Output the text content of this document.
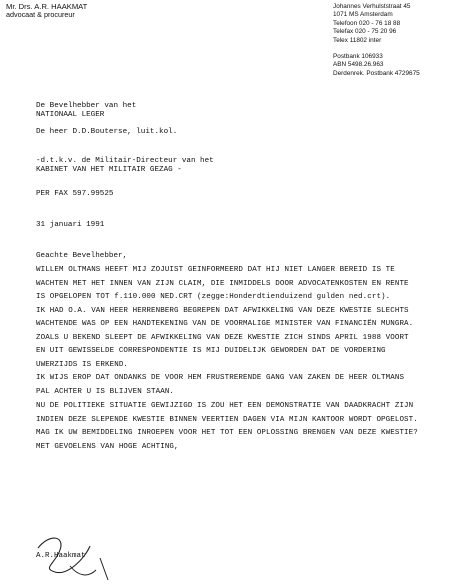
Mr. Drs. A.R. HAAKMAT
advocaat & procureur
Johannes Verhulststraat 45
1071 MS Amsterdam
Telefoon 020 - 76 18 88
Telefax 020 - 75 20 96
Telex 11802 inter
Postbank 106933
ABN 5498.26.963
Derdenrek. Postbank 4729675
De Bevelhebber van het
NATIONAAL LEGER
De heer D.D.Bouterse, luit.kol.
-d.t.k.v. de Militair-Directeur van het
KABINET VAN HET MILITAIR GEZAG -
PER FAX 597.99525
31 januari 1991
Geachte Bevelhebber,
WILLEM OLTMANS HEEFT MIJ ZOJUIST GEINFORMEERD DAT HIJ NIET LANGER BEREID IS TE
WACHTEN MET HET INNEN VAN ZIJN CLAIM, DIE INMIDDELS DOOR ADVOCATENKOSTEN EN RENTE
IS OPGELOPEN TOT f.110.000 NED.CRT (zegge:Honderdtienduizend gulden ned.crt).
IK HAD O.A. VAN HEER HERRENBERG BEGREPEN DAT AFWIKKELING VAN DEZE KWESTIE SLECHTS
WACHTENDE WAS OP EEN HANDTEKENING VAN DE VOORMALIGE MINISTER VAN FINANCIËN MUNGRA.
ZOALS U BEKEND SLEEPT DE AFWIKKELING VAN DEZE KWESTIE ZICH SINDS APRIL 1988 VOORT
EN UIT GEWISSELDE CORRESPONDENTIE IS MIJ DUIDELIJK GEWORDEN DAT DE VORDERING
UWERZIJDS IS ERKEND.
IK WIJS EROP DAT ONDANKS DE VOOR HEM FRUSTRERENDE GANG VAN ZAKEN DE HEER OLTMANS
PAL ACHTER U IS BLIJVEN STAAN.
NU DE POLITIEKE SITUATIE GEWIJZIGD IS ZOU HET EEN DEMONSTRATIE VAN DAADKRACHT ZIJN
INDIEN DEZE SLEPENDE KWESTIE BINNEN VEERTIEN DAGEN VIA MIJN KANTOOR WORDT OPGELOST.
MAG IK UW BEMIDDELING INROEPEN VOOR HET TOT EEN OPLOSSING BRENGEN VAN DEZE KWESTIE?
MET GEVOELENS VAN HOGE ACHTING,
A.R.Haakmat
